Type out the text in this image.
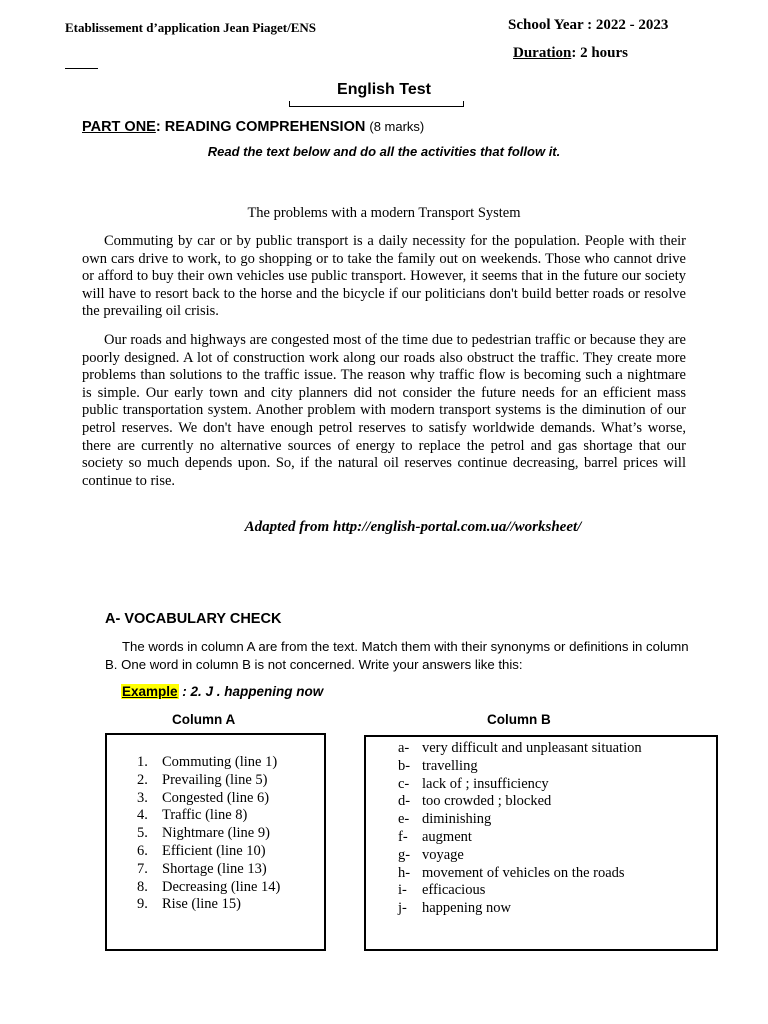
Etablissement d’application Jean Piaget/ENS	School Year : 2022 - 2023
Duration: 2 hours
English Test
PART ONE: READING COMPREHENSION (8 marks)
Read the text below and do all the activities that follow it.
The problems with a modern Transport System

Commuting by car or by public transport is a daily necessity for the population. People with their own cars drive to work, to go shopping or to take the family out on weekends. Those who cannot drive or afford to buy their own vehicles use public transport. However, it seems that in the future our society will have to resort back to the horse and the bicycle if our politicians don't build better roads or resolve the prevailing oil crisis.

Our roads and highways are congested most of the time due to pedestrian traffic or because they are poorly designed. A lot of construction work along our roads also obstruct the traffic. They create more problems than solutions to the traffic issue. The reason why traffic flow is becoming such a nightmare is simple. Our early town and city planners did not consider the future needs for an efficient mass public transportation system. Another problem with modern transport systems is the diminution of our petrol reserves. We don't have enough petrol reserves to satisfy worldwide demands. What’s worse, there are currently no alternative sources of energy to replace the petrol and gas shortage that our society so much depends upon. So, if the natural oil reserves continue decreasing, barrel prices will continue to rise.

Adapted from http://english-portal.com.ua//worksheet/
A- VOCABULARY CHECK

The words in column A are from the text. Match them with their synonyms or definitions in column B. One word in column B is not concerned. Write your answers like this:

Example : 2. J . happening now
Column A	Column B
1. Commuting (line 1)
2. Prevailing (line 5)
3. Congested (line 6)
4. Traffic (line 8)
5. Nightmare (line 9)
6. Efficient (line 10)
7. Shortage (line 13)
8. Decreasing (line 14)
9. Rise (line 15)
a- very difficult and unpleasant situation
b- travelling
c- lack of ; insufficiency
d- too crowded ; blocked
e- diminishing
f- augment
g- voyage
h- movement of vehicles on the roads
i-	efficacious
j-	happening now
